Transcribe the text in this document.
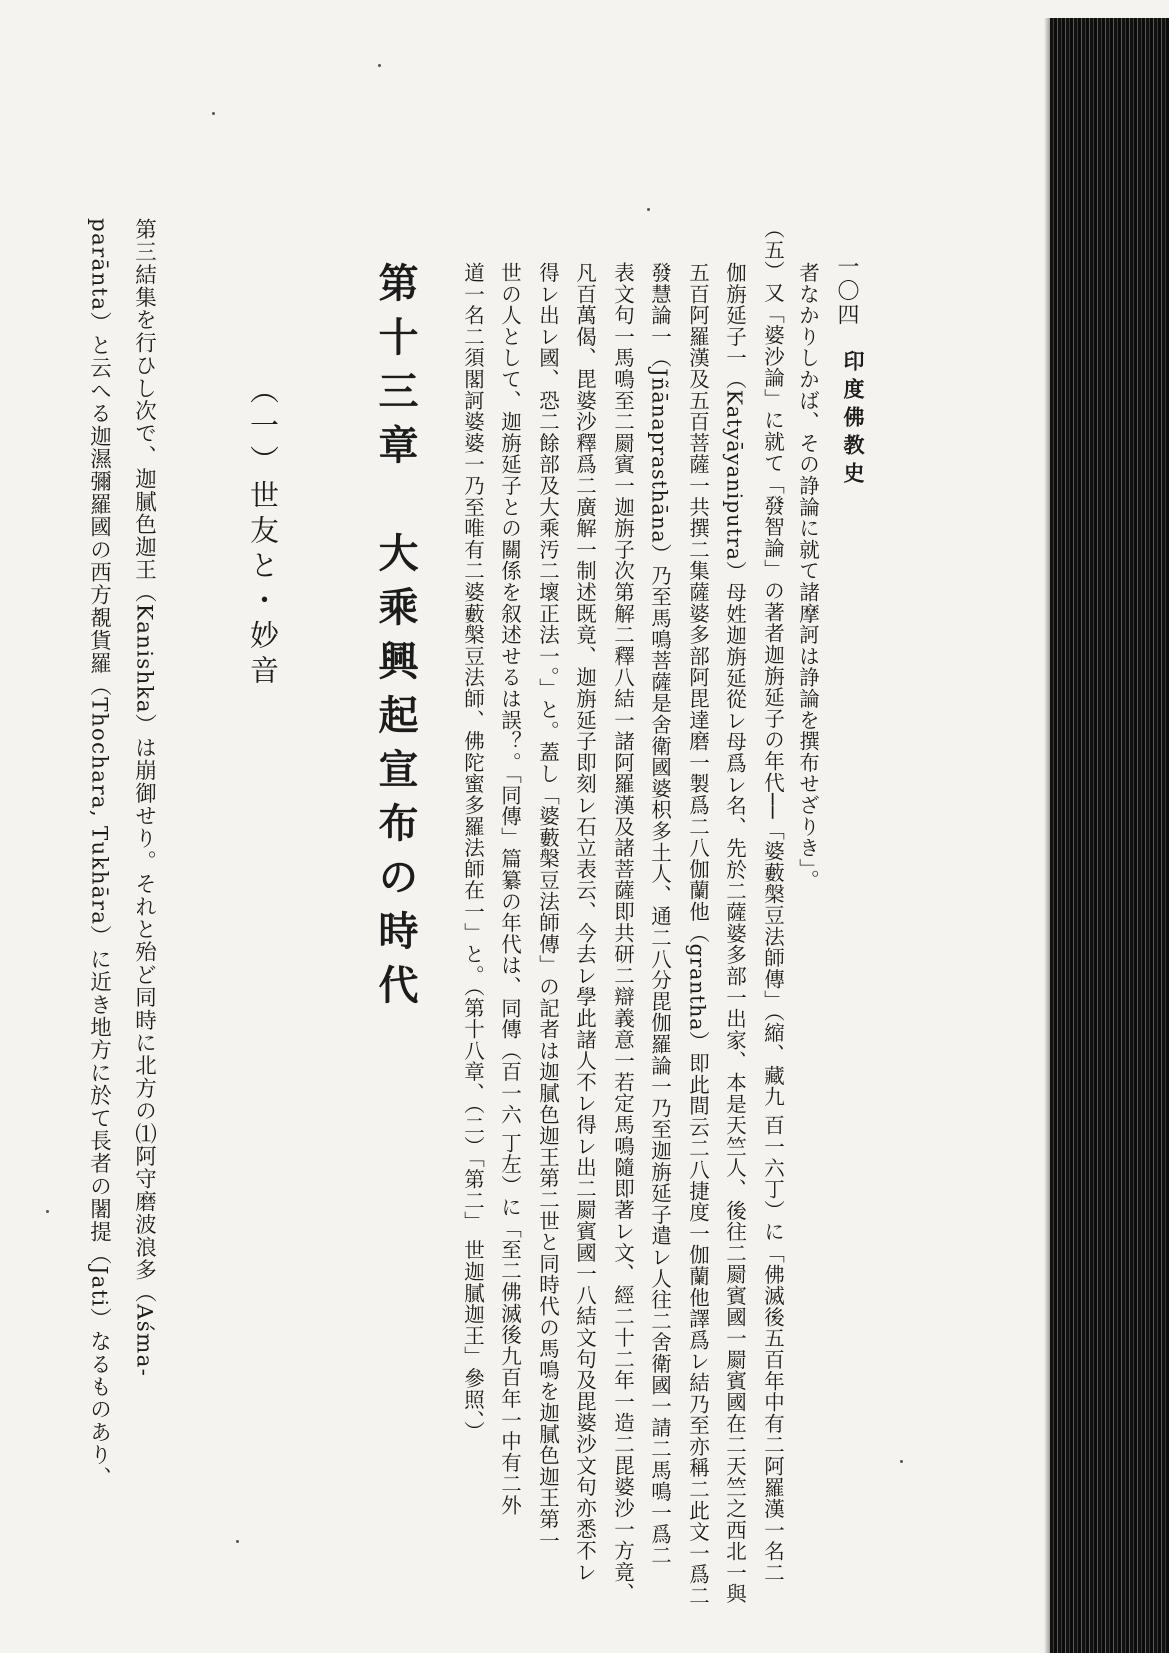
一〇四
印度佛教史
者なかりしかば、その諍論に就て諸摩訶は諍論を撰布せざりき」。
（五）又「婆沙論」に就て「發智論」の著者迦旃延子の年代──「婆藪槃豆法師傳」（縮、藏九 百一六丁）に「佛滅後五百年中有二阿羅漢一名二
伽旃延子一（Katyāyaniputra）母姓迦旃延從レ母爲レ名、先於二薩婆多部一出家、本是天竺人、後往二罽賓國一罽賓國在二天竺之西北一與
五百阿羅漢及五百菩薩一共撰二集薩婆多部阿毘達磨一製爲二八伽蘭他（grantha）即此間云二八捷度一伽蘭他譯爲レ結乃至亦稱二此文一爲二
發慧論一（Jñānaprasthāna）乃至馬鳴菩薩是舍衛國婆枳多土人、通二八分毘伽羅論一乃至迦旃延子遣レ人往二舍衛國一請二馬鳴一爲二
表文句一馬鳴至二罽賓一迦旃子次第解二釋八結一諸阿羅漢及諸菩薩即共研二辯義意一若定馬鳴隨即著レ文、經二十二年一造二毘婆沙一方竟、
凡百萬偈、毘婆沙釋爲二廣解一制述既竟、迦旃延子即刻レ石立表云、今去レ學此諸人不レ得レ出二罽賓國一八結文句及毘婆沙文句亦悉不レ
得レ出レ國、恐二餘部及大乘汚二壞正法一。」と。蓋し「婆藪槃豆法師傳」の記者は迦膩色迦王第二世と同時代の馬鳴を迦膩色迦王第一
世の人として、迦旃延子との關係を叙述せるは誤？。「同傳」篇纂の年代は、同傳（百一六 丁左）に「至二佛滅後九百年一中有二外
道一名二須閣訶婆婆一乃至唯有二婆藪槃豆法師、佛陀蜜多羅法師在一」と。（第十八章、（二）「第二」 世迦膩迦王」參照、）
第十三章　大乘興起宣布の時代
（一）世友と・妙音
第三結集を行ひし次で、迦膩色迦王（Kanishka）は崩御せり。それと殆ど同時に北方の⑴阿守磨波浪多（Aśma-
parānta）と云へる迦濕彌羅國の西方覩貨羅（Thochara, Tukhāra）に近き地方に於て長者の闍提（Jati）なるものあり、
